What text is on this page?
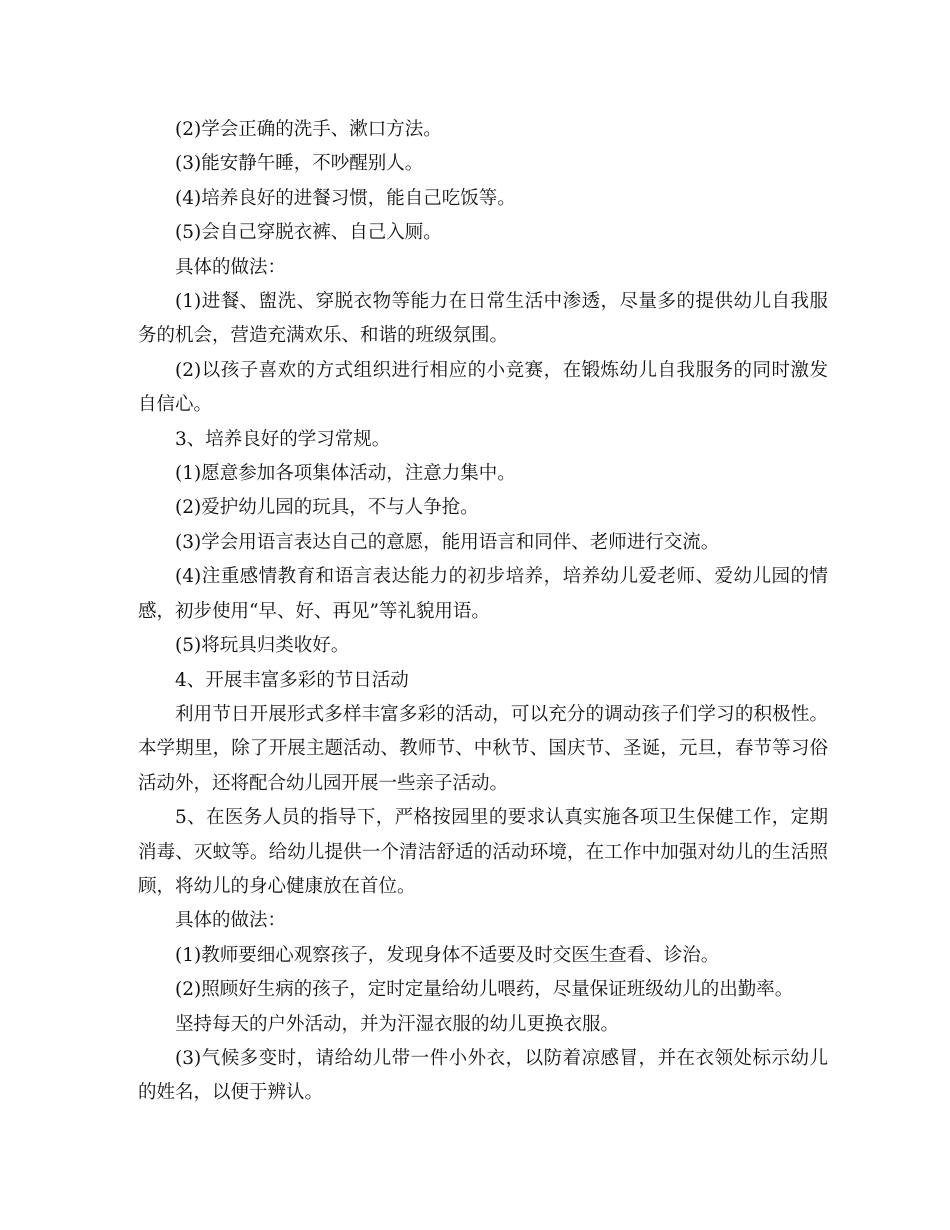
(2)学会正确的洗手、漱口方法。

(3)能安静午睡，不吵醒别人。

(4)培养良好的进餐习惯，能自己吃饭等。

(5)会自己穿脱衣裤、自己入厕。

具体的做法：

(1)进餐、盥洗、穿脱衣物等能力在日常生活中渗透，尽量多的提供幼儿自我服务的机会，营造充满欢乐、和谐的班级氛围。

(2)以孩子喜欢的方式组织进行相应的小竞赛，在锻炼幼儿自我服务的同时激发自信心。

3、培养良好的学习常规。

(1)愿意参加各项集体活动，注意力集中。

(2)爱护幼儿园的玩具，不与人争抢。

(3)学会用语言表达自己的意愿，能用语言和同伴、老师进行交流。

(4)注重感情教育和语言表达能力的初步培养，培养幼儿爱老师、爱幼儿园的情感，初步使用“早、好、再见”等礼貌用语。

(5)将玩具归类收好。

4、开展丰富多彩的节日活动

利用节日开展形式多样丰富多彩的活动，可以充分的调动孩子们学习的积极性。本学期里，除了开展主题活动、教师节、中秋节、国庆节、圣诞，元旦，春节等习俗活动外，还将配合幼儿园开展一些亲子活动。

5、在医务人员的指导下，严格按园里的要求认真实施各项卫生保健工作，定期消毒、灭蚊等。给幼儿提供一个清洁舒适的活动环境，在工作中加强对幼儿的生活照顾，将幼儿的身心健康放在首位。

具体的做法：

(1)教师要细心观察孩子，发现身体不适要及时交医生查看、诊治。

(2)照顾好生病的孩子，定时定量给幼儿喂药，尽量保证班级幼儿的出勤率。

坚持每天的户外活动，并为汗湿衣服的幼儿更换衣服。

(3)气候多变时，请给幼儿带一件小外衣，以防着凉感冒，并在衣领处标示幼儿的姓名，以便于辨认。
